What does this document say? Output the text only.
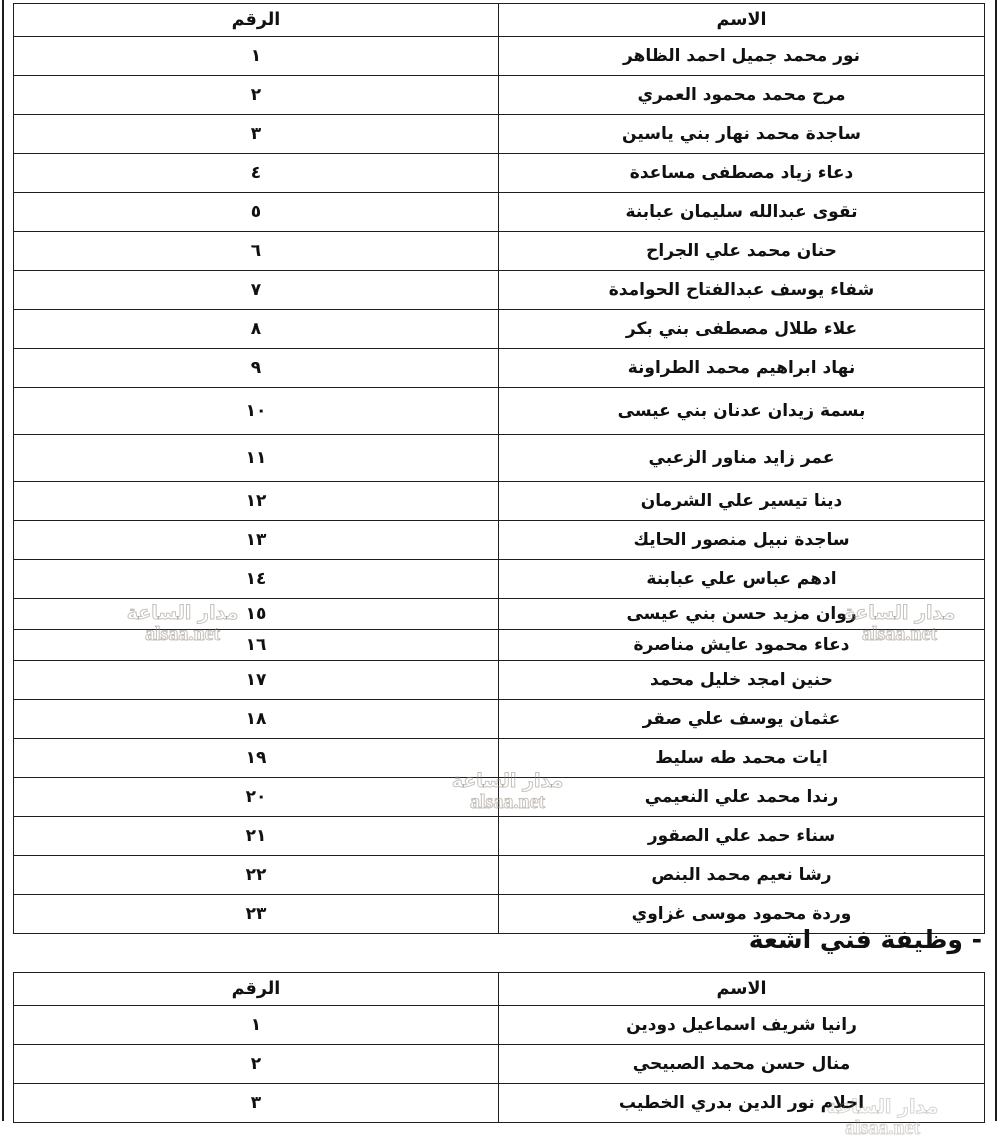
الاسم	الرقم
نور محمد جميل احمد الظاهر	١
مرح محمد محمود العمري	٢
ساجدة محمد نهار بني ياسين	٣
دعاء زياد مصطفى مساعدة	٤
تقوى عبدالله سليمان عبابنة	٥
حنان محمد علي الجراح	٦
شفاء يوسف عبدالفتاح الحوامدة	٧
علاء طلال مصطفى بني بكر	٨
نهاد ابراهيم محمد الطراونة	٩
بسمة زيدان عدنان بني عيسى	١٠
عمر زايد مناور الزعبي	١١
دينا تيسير علي الشرمان	١٢
ساجدة نبيل منصور الحايك	١٣
ادهم عباس علي عبابنة	١٤
روان مزيد حسن بني عيسى	١٥
دعاء محمود عايش مناصرة	١٦
حنين امجد خليل محمد	١٧
عثمان يوسف علي صقر	١٨
ايات محمد طه سليط	١٩
رندا محمد علي النعيمي	٢٠
سناء حمد علي الصقور	٢١
رشا نعيم محمد البنص	٢٢
وردة محمود موسى غزاوي	٢٣
- وظيفة فني اشعة
الاسم	الرقم
رانيا شريف اسماعيل دودين	١
منال حسن محمد الصبيحي	٢
احلام نور الدين بدري الخطيب	٣
alsaa.net
